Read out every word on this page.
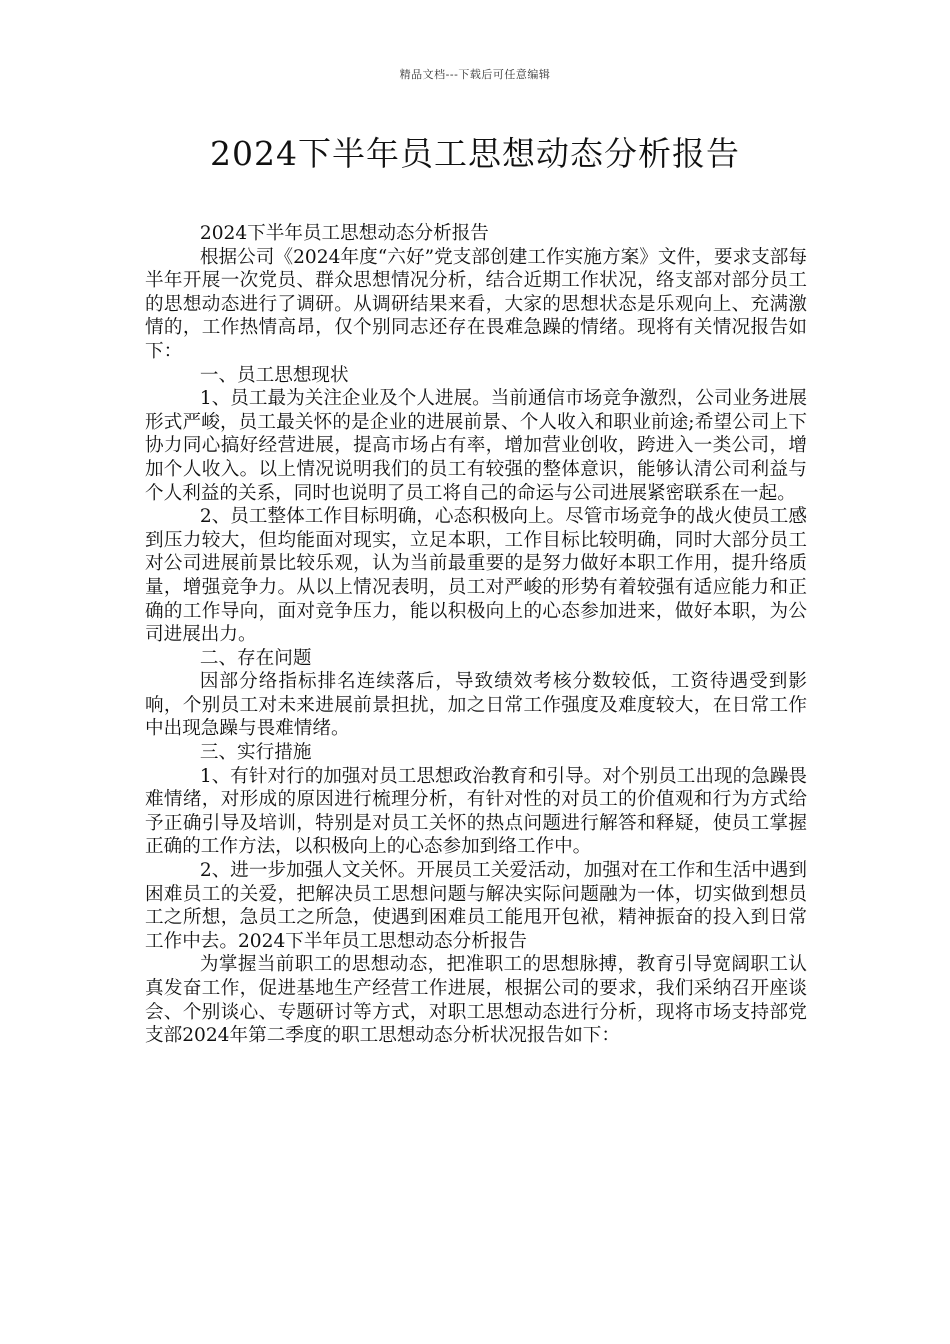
精品文档---下载后可任意编辑
2024下半年员工思想动态分析报告

2024下半年员工思想动态分析报告

根据公司《2024年度“六好”党支部创建工作实施方案》文件，要求支部每半年开展一次党员、群众思想情况分析，结合近期工作状况，络支部对部分员工的思想动态进行了调研。从调研结果来看，大家的思想状态是乐观向上、充满激情的，工作热情高昂，仅个别同志还存在畏难急躁的情绪。现将有关情况报告如下：

一、员工思想现状

1、员工最为关注企业及个人进展。当前通信市场竞争激烈，公司业务进展形式严峻，员工最关怀的是企业的进展前景、个人收入和职业前途;希望公司上下协力同心搞好经营进展，提高市场占有率，增加营业创收，跨进入一类公司，增加个人收入。以上情况说明我们的员工有较强的整体意识，能够认清公司利益与个人利益的关系，同时也说明了员工将自己的命运与公司进展紧密联系在一起。

2、员工整体工作目标明确，心态积极向上。尽管市场竞争的战火使员工感到压力较大，但均能面对现实，立足本职，工作目标比较明确，同时大部分员工对公司进展前景比较乐观，认为当前最重要的是努力做好本职工作用，提升络质量，增强竞争力。从以上情况表明，员工对严峻的形势有着较强有适应能力和正确的工作导向，面对竞争压力，能以积极向上的心态参加进来，做好本职，为公司进展出力。

二、存在问题

因部分络指标排名连续落后，导致绩效考核分数较低，工资待遇受到影响，个别员工对未来进展前景担扰，加之日常工作强度及难度较大，在日常工作中出现急躁与畏难情绪。

三、实行措施

1、有针对行的加强对员工思想政治教育和引导。对个别员工出现的急躁畏难情绪，对形成的原因进行梳理分析，有针对性的对员工的价值观和行为方式给予正确引导及培训，特别是对员工关怀的热点问题进行解答和释疑，使员工掌握正确的工作方法，以积极向上的心态参加到络工作中。

2、进一步加强人文关怀。开展员工关爱活动，加强对在工作和生活中遇到困难员工的关爱，把解决员工思想问题与解决实际问题融为一体，切实做到想员工之所想，急员工之所急，使遇到困难员工能甩开包袱，精神振奋的投入到日常工作中去。2024下半年员工思想动态分析报告

为掌握当前职工的思想动态，把准职工的思想脉搏，教育引导宽阔职工认真发奋工作，促进基地生产经营工作进展，根据公司的要求，我们采纳召开座谈会、个别谈心、专题研讨等方式，对职工思想动态进行分析，现将市场支持部党支部2024年第二季度的职工思想动态分析状况报告如下：
